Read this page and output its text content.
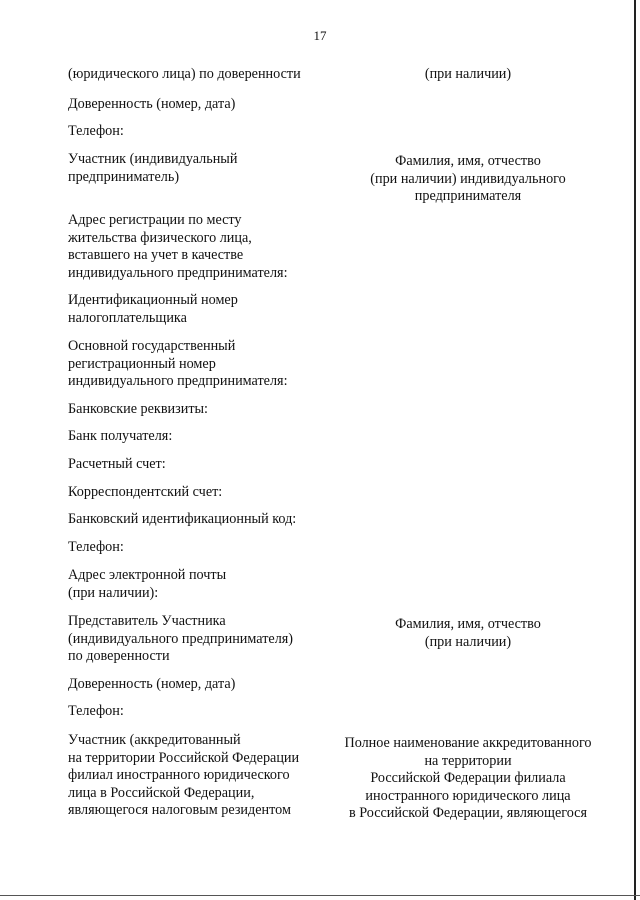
17
(юридического лица) по доверенности	(при наличии)
Доверенность (номер, дата)
Телефон:
Участник (индивидуальный
предприниматель)
Фамилия, имя, отчество
(при наличии) индивидуального
предпринимателя
Адрес регистрации по месту
жительства физического лица,
вставшего на учет в качестве
индивидуального предпринимателя:
Идентификационный номер
налогоплательщика
Основной государственный
регистрационный номер
индивидуального предпринимателя:
Банковские реквизиты:
Банк получателя:
Расчетный счет:
Корреспондентский счет:
Банковский идентификационный код:
Телефон:
Адрес электронной почты
(при наличии):
Представитель Участника
(индивидуального предпринимателя)
по доверенности
Фамилия, имя, отчество
(при наличии)
Доверенность (номер, дата)
Телефон:
Участник (аккредитованный
на территории Российской Федерации
филиал иностранного юридического
лица в Российской Федерации,
являющегося налоговым резидентом
Полное наименование аккредитованного
на территории
Российской Федерации филиала
иностранного юридического лица
в Российской Федерации, являющегося
